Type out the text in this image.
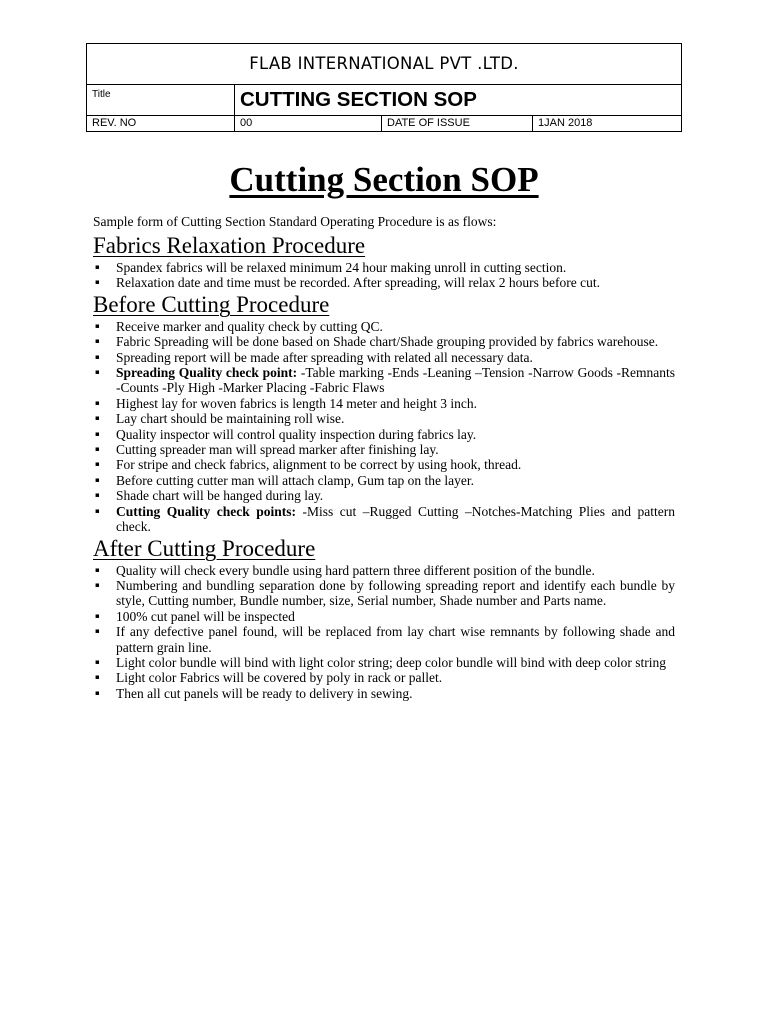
FLAB INTERNATIONAL PVT .LTD.
Title	CUTTING SECTION SOP
REV. NO	00	DATE OF ISSUE	1JAN 2018
Cutting Section SOP

Sample form of Cutting Section Standard Operating Procedure is as flows:

Fabrics Relaxation Procedure
▪ Spandex fabrics will be relaxed minimum 24 hour making unroll in cutting section.
▪ Relaxation date and time must be recorded. After spreading, will relax 2 hours before cut.
Before Cutting Procedure
▪ Receive marker and quality check by cutting QC.
▪ Fabric Spreading will be done based on Shade chart/Shade grouping provided by fabrics warehouse.
▪ Spreading report will be made after spreading with related all necessary data.
▪ Spreading Quality check point: -Table marking -Ends -Leaning –Tension -Narrow Goods -Remnants -Counts -Ply High -Marker Placing -Fabric Flaws
▪ Highest lay for woven fabrics is length 14 meter and height 3 inch.
▪ Lay chart should be maintaining roll wise.
▪ Quality inspector will control quality inspection during fabrics lay.
▪ Cutting spreader man will spread marker after finishing lay.
▪ For stripe and check fabrics, alignment to be correct by using hook, thread.
▪ Before cutting cutter man will attach clamp, Gum tap on the layer.
▪ Shade chart will be hanged during lay.
▪ Cutting Quality check points: -Miss cut –Rugged Cutting –Notches-Matching Plies and pattern check.
After Cutting Procedure
▪ Quality will check every bundle using hard pattern three different position of the bundle.
▪ Numbering and bundling separation done by following spreading report and identify each bundle by style, Cutting number, Bundle number, size, Serial number, Shade number and Parts name.
▪ 100% cut panel will be inspected
▪ If any defective panel found, will be replaced from lay chart wise remnants by following shade and pattern grain line.
▪ Light color bundle will bind with light color string; deep color bundle will bind with deep color string
▪ Light color Fabrics will be covered by poly in rack or pallet.
▪ Then all cut panels will be ready to delivery in sewing.
